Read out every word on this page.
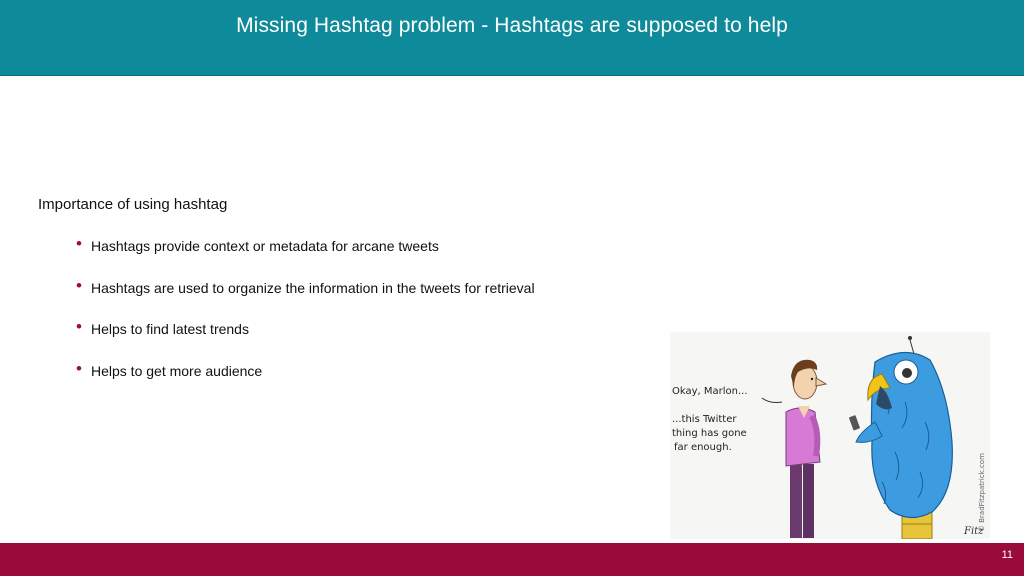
Missing Hashtag problem - Hashtags are supposed to help
Importance of using hashtag
• Hashtags provide context or metadata for arcane tweets
• Hashtags are used to organize the information in the tweets for retrieval
• Helps to find latest trends
• Helps to get more audience
Okay, Marlon...
...this Twitter
thing has gone
far enough.
© BradFitzpatrick.com
Fitz
11
